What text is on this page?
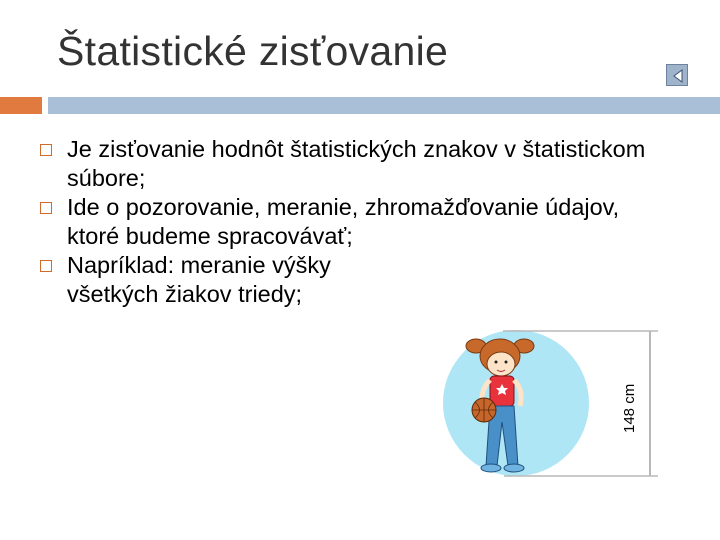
Štatistické zisťovanie
Je zisťovanie hodnôt štatistických znakov v štatistickom súbore;
Ide o pozorovanie, meranie, zhromažďovanie údajov, ktoré budeme spracovávať;
Napríklad: meranie výšky všetkých žiakov triedy;
148 cm
